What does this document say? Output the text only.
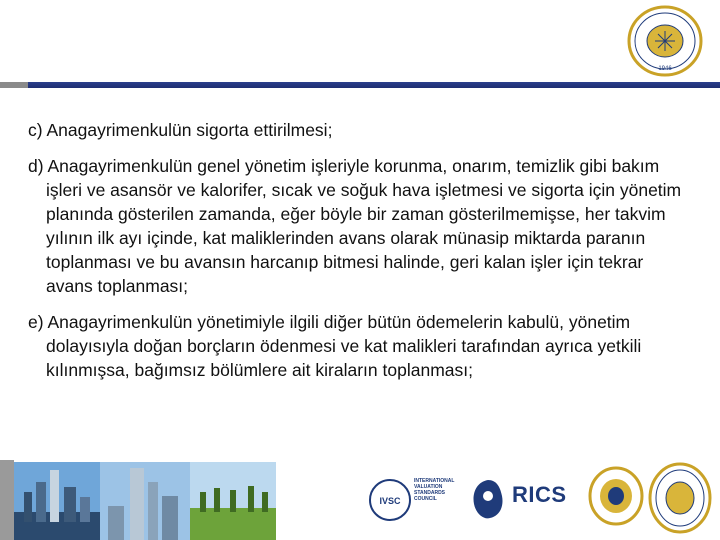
1946

c) Anagayrimenkulün sigorta ettirilmesi;

d) Anagayrimenkulün genel yönetim işleriyle korunma, onarım, temizlik gibi bakım işleri ve asansör ve kalorifer, sıcak ve soğuk hava işletmesi ve sigorta için yönetim planında gösterilen zamanda, eğer böyle bir zaman gösterilmemişse, her takvim yılının ilk ayı içinde, kat maliklerinden avans olarak münasip miktarda paranın toplanması ve bu avansın harcanıp bitmesi halinde, geri kalan işler için tekrar avans toplanması;

e) Anagayrimenkulün yönetimiyle ilgili diğer bütün ödemelerin kabulü, yönetim dolayısıyla doğan borçların ödenmesi ve kat malikleri tarafından ayrıca yetkili kılınmışsa, bağımsız bölümlere ait kiraların toplanması;

IVSC
INTERNATIONAL VALUATION STANDARDS COUNCIL	RICS
